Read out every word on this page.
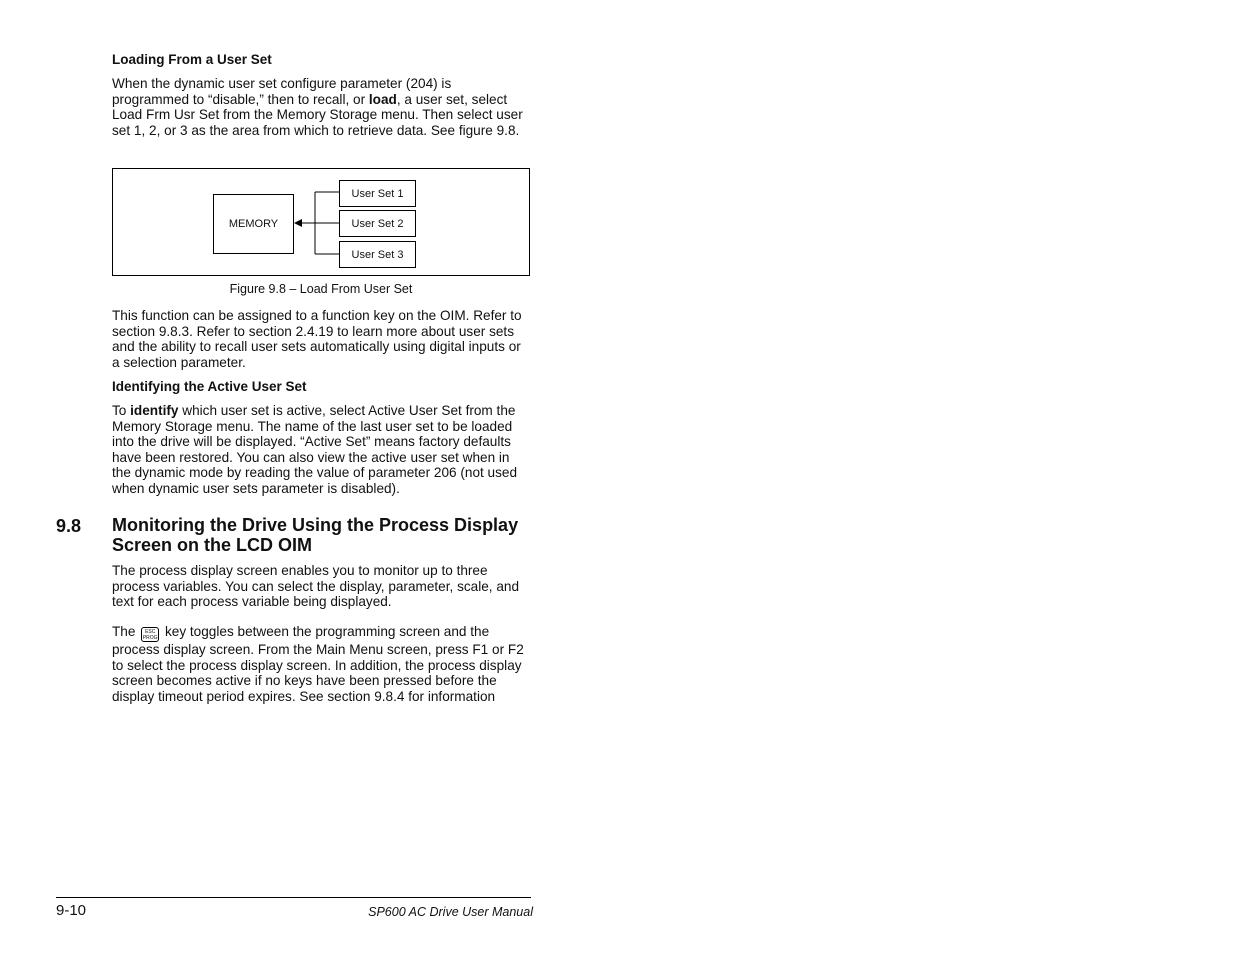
Loading From a User Set
When the dynamic user set configure parameter (204) is programmed to “disable,” then to recall, or load, a user set, select Load Frm Usr Set from the Memory Storage menu. Then select user set 1, 2, or 3 as the area from which to retrieve data. See figure 9.8.
MEMORY
User Set 1
User Set 2
User Set 3
Figure 9.8 – Load From User Set
This function can be assigned to a function key on the OIM. Refer to section 9.8.3. Refer to section 2.4.19 to learn more about user sets and the ability to recall user sets automatically using digital inputs or a selection parameter.
Identifying the Active User Set
To identify which user set is active, select Active User Set from the Memory Storage menu. The name of the last user set to be loaded into the drive will be displayed. “Active Set” means factory defaults have been restored. You can also view the active user set when in the dynamic mode by reading the value of parameter 206 (not used when dynamic user sets parameter is disabled).
9.8 Monitoring the Drive Using the Process Display Screen on the LCD OIM
The process display screen enables you to monitor up to three process variables. You can select the display, parameter, scale, and text for each process variable being displayed.
The ESC
PROG key toggles between the programming screen and the process display screen. From the Main Menu screen, press F1 or F2 to select the process display screen. In addition, the process display screen becomes active if no keys have been pressed before the display timeout period expires. See section 9.8.4 for information
9-10	SP600 AC Drive User Manual
